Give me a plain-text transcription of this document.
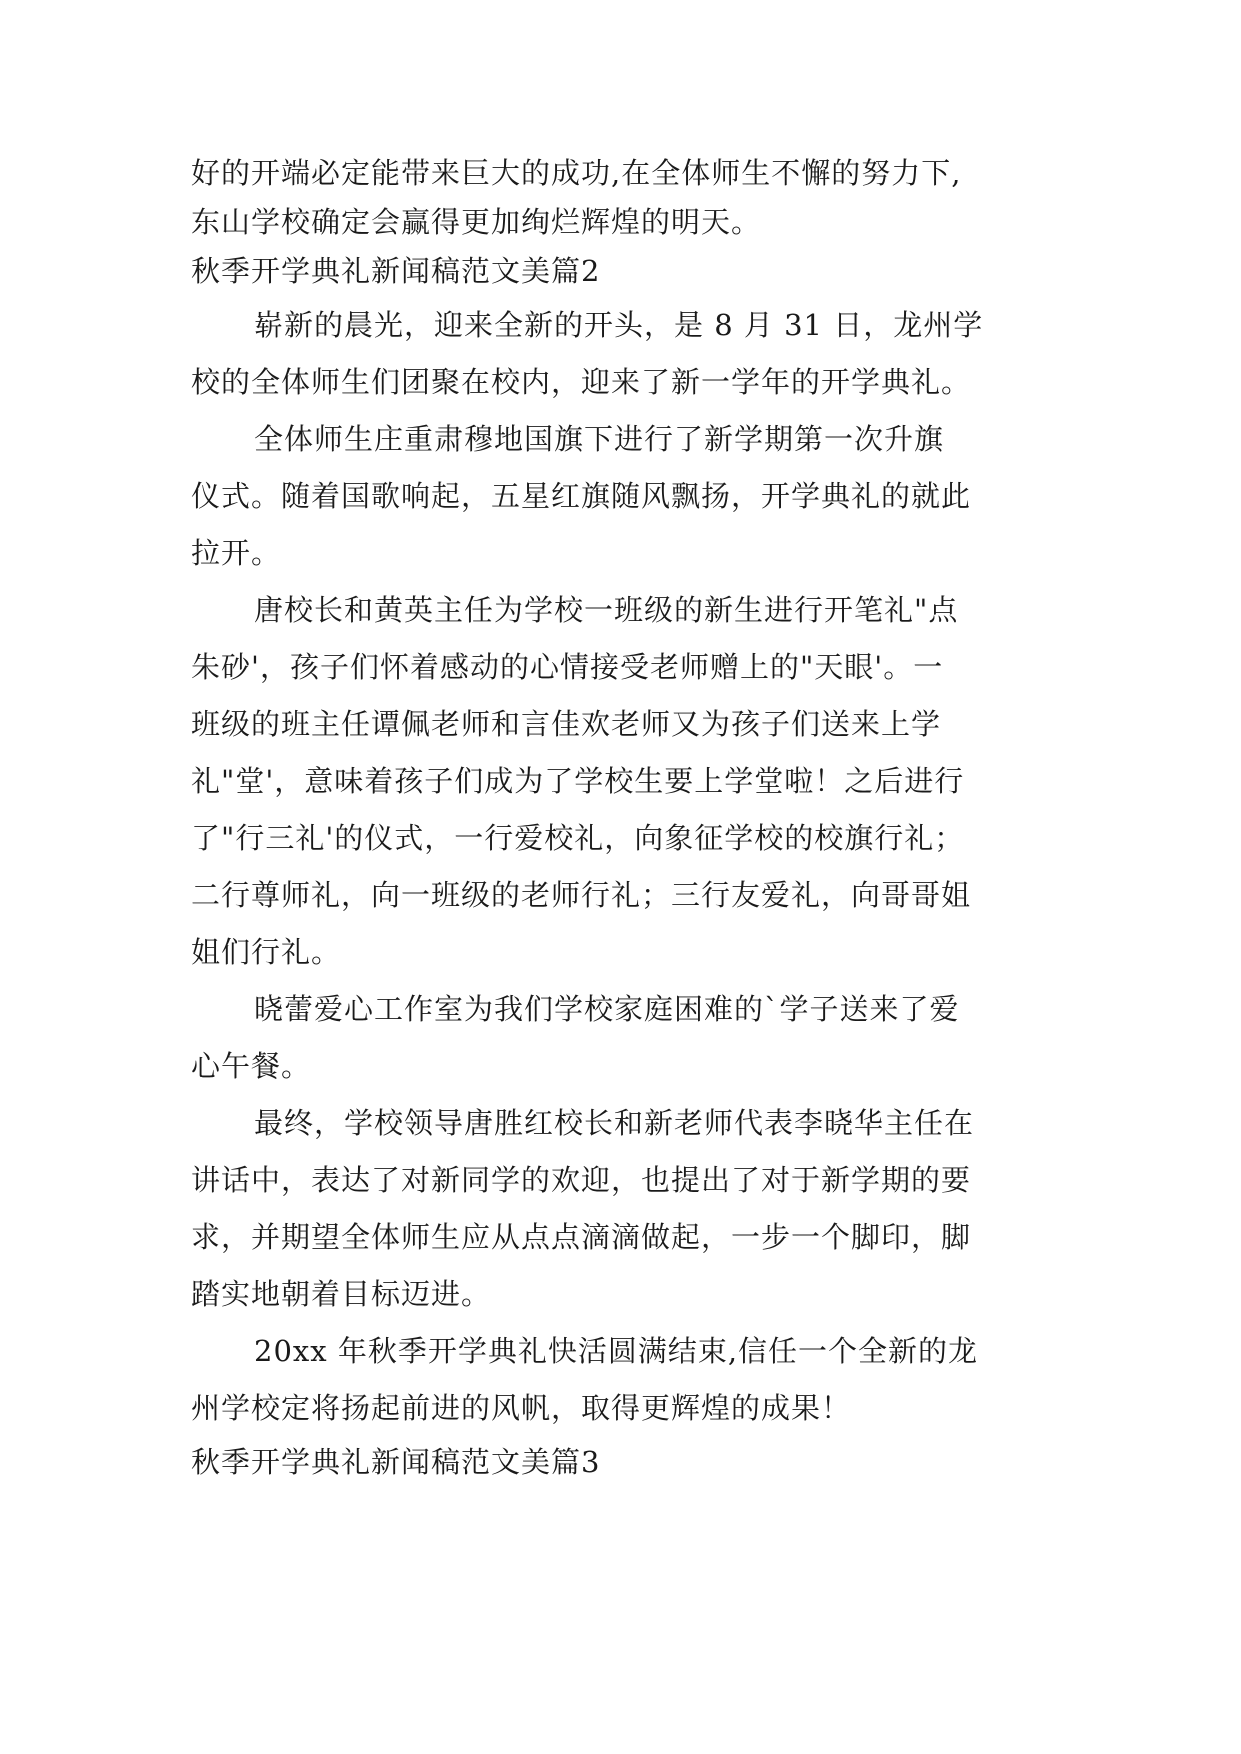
好的开端必定能带来巨大的成功,在全体师生不懈的努力下,
东山学校确定会赢得更加绚烂辉煌的明天。
秋季开学典礼新闻稿范文美篇2
崭新的晨光，迎来全新的开头，是 8 月 31 日，龙州学
校的全体师生们团聚在校内，迎来了新一学年的开学典礼。
全体师生庄重肃穆地国旗下进行了新学期第一次升旗
仪式。随着国歌响起，五星红旗随风飘扬，开学典礼的就此
拉开。
唐校长和黄英主任为学校一班级的新生进行开笔礼"点
朱砂'，孩子们怀着感动的心情接受老师赠上的"天眼'。一
班级的班主任谭佩老师和言佳欢老师又为孩子们送来上学
礼"堂'，意味着孩子们成为了学校生要上学堂啦！之后进行
了"行三礼'的仪式，一行爱校礼，向象征学校的校旗行礼；
二行尊师礼，向一班级的老师行礼；三行友爱礼，向哥哥姐
姐们行礼。
晓蕾爱心工作室为我们学校家庭困难的`学子送来了爱
心午餐。
最终，学校领导唐胜红校长和新老师代表李晓华主任在
讲话中，表达了对新同学的欢迎，也提出了对于新学期的要
求，并期望全体师生应从点点滴滴做起，一步一个脚印，脚
踏实地朝着目标迈进。
20xx 年秋季开学典礼快活圆满结束,信任一个全新的龙
州学校定将扬起前进的风帆，取得更辉煌的成果！
秋季开学典礼新闻稿范文美篇3
